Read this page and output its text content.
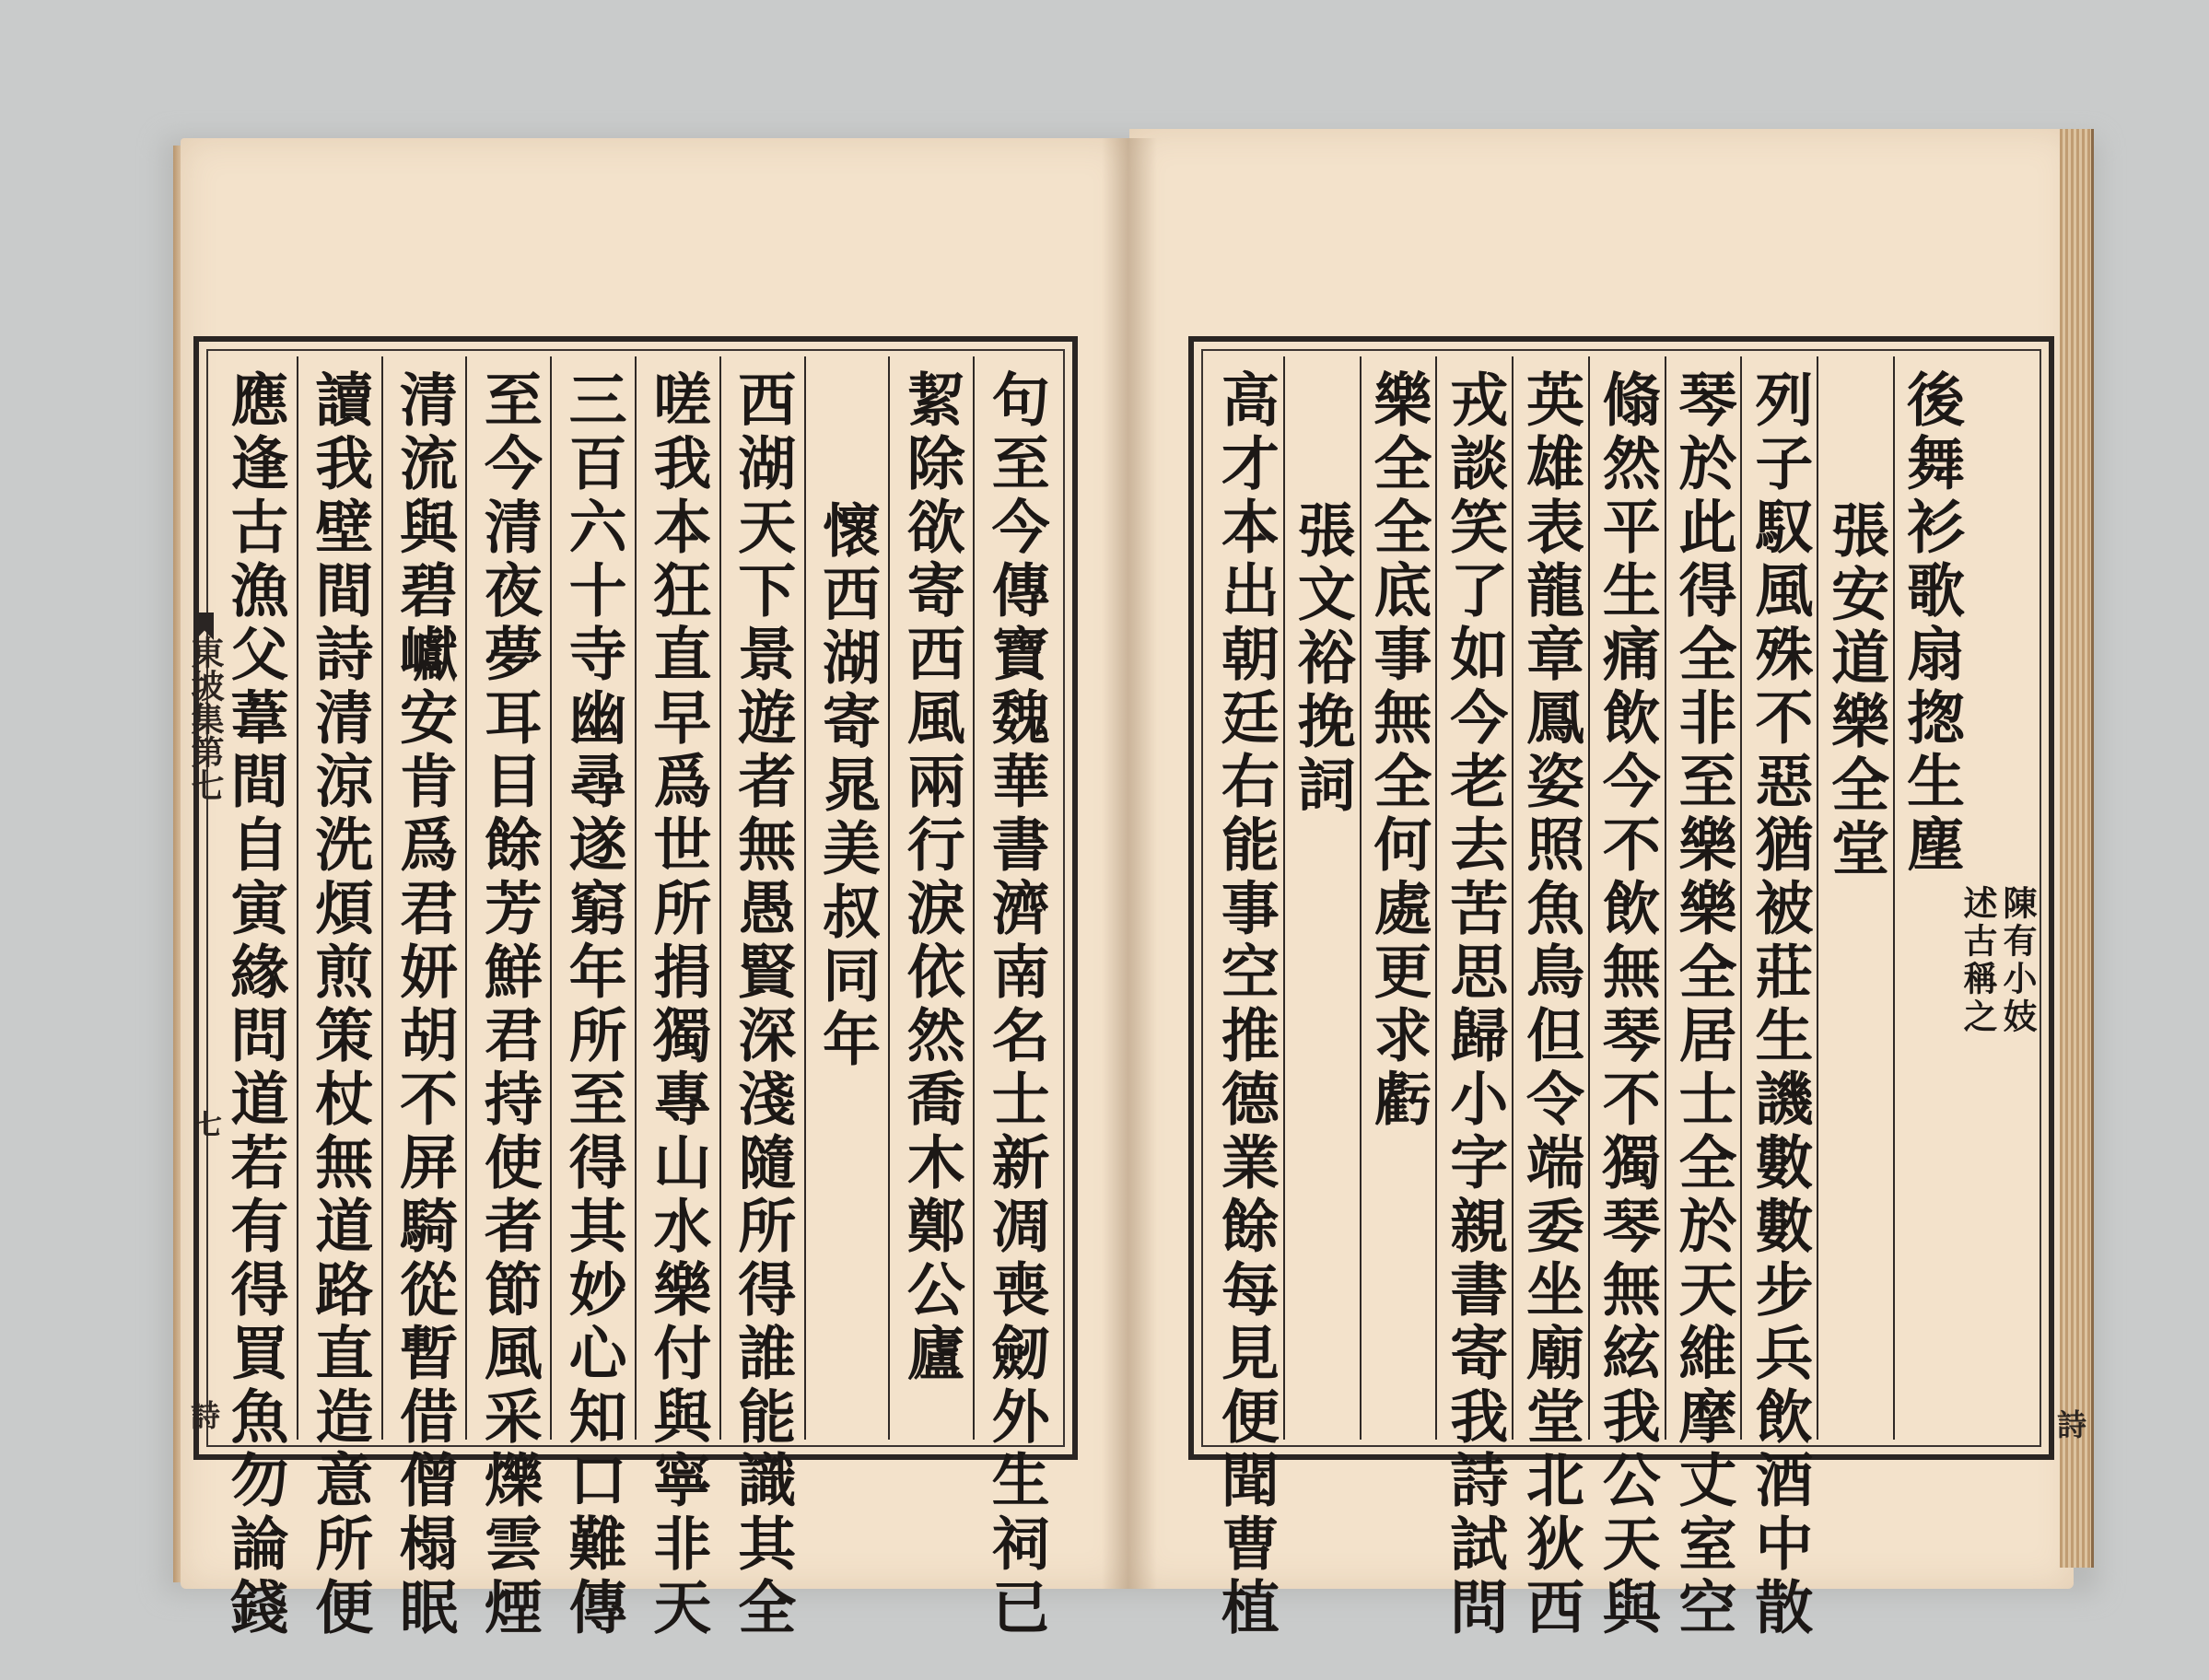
句至今傳寶魏華書濟南名士新凋喪劒外生祠已
絜除欲寄西風兩行淚依然喬木鄭公廬
懷西湖寄晁美叔同年
西湖天下景遊者無愚賢深淺隨所得誰能識其全
嗟我本狂直早爲世所捐獨專山水樂付與寧非天
三百六十寺幽尋遂窮年所至得其妙心知口難傳
至今清夜夢耳目餘芳鮮君持使者節風采爍雲煙
清流與碧巘安肯爲君妍胡不屏騎從暫借僧榻眠
讀我壁間詩清涼洗煩煎策杖無道路直造意所便
應逢古漁父葦間自寅緣問道若有得買魚勿論錢
東坡集第七
七
詩
後舞衫歌扇揔生塵
陳有小妓
述古稱之
張安道樂全堂
列子馭風殊不惡猶被莊生譏數數步兵飲酒中散
琴於此得全非至樂樂全居士全於天維摩丈室空
翛然平生痛飲今不飲無琴不獨琴無絃我公天與
英雄表龍章鳳姿照魚鳥但令端委坐廟堂北狄西
戎談笑了如今老去苦思歸小字親書寄我詩試問
樂全全底事無全何處更求虧
張文裕挽詞
高才本出朝廷右能事空推德業餘每見便聞曹植	詩
